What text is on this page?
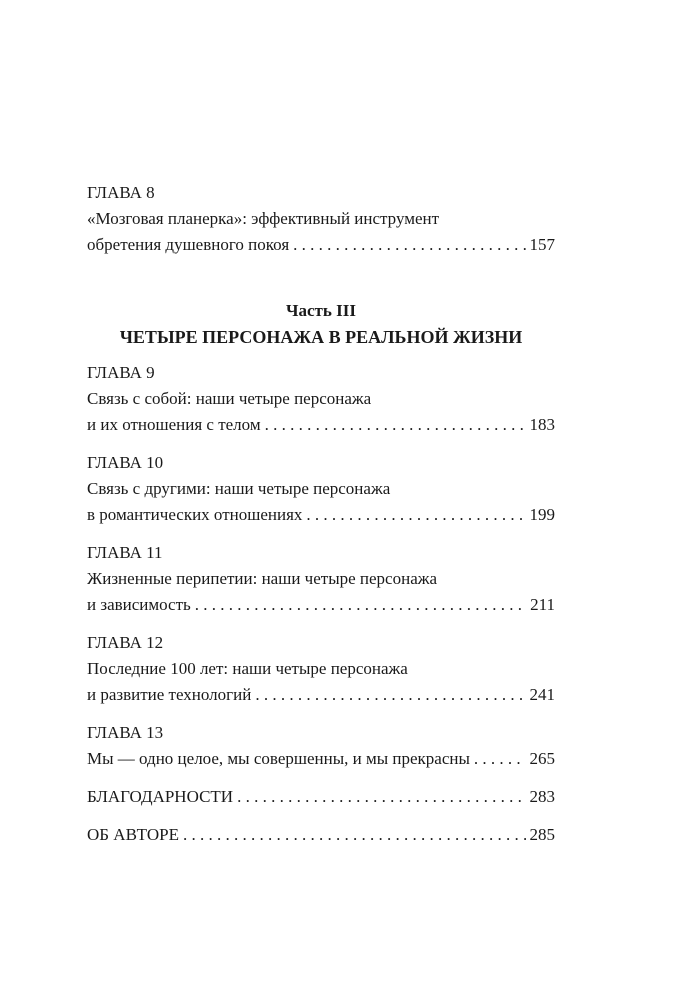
ГЛАВА 8
«Мозговая планерка»: эффективный инструмент
обретения душевного покоя . . .	157
Часть III
ЧЕТЫРЕ ПЕРСОНАЖА В РЕАЛЬНОЙ ЖИЗНИ
ГЛАВА 9
Связь с собой: наши четыре персонажа
и их отношения с телом . . .	183
ГЛАВА 10
Связь с другими: наши четыре персонажа
в романтических отношениях . . .	199
ГЛАВА 11
Жизненные перипетии: наши четыре персонажа
и зависимость . . .	211
ГЛАВА 12
Последние 100 лет: наши четыре персонажа
и развитие технологий . . .	241
ГЛАВА 13
Мы — одно целое, мы совершенны, и мы прекрасны . . .	265
БЛАГОДАРНОСТИ . . .	283
ОБ АВТОРЕ . . .	285
